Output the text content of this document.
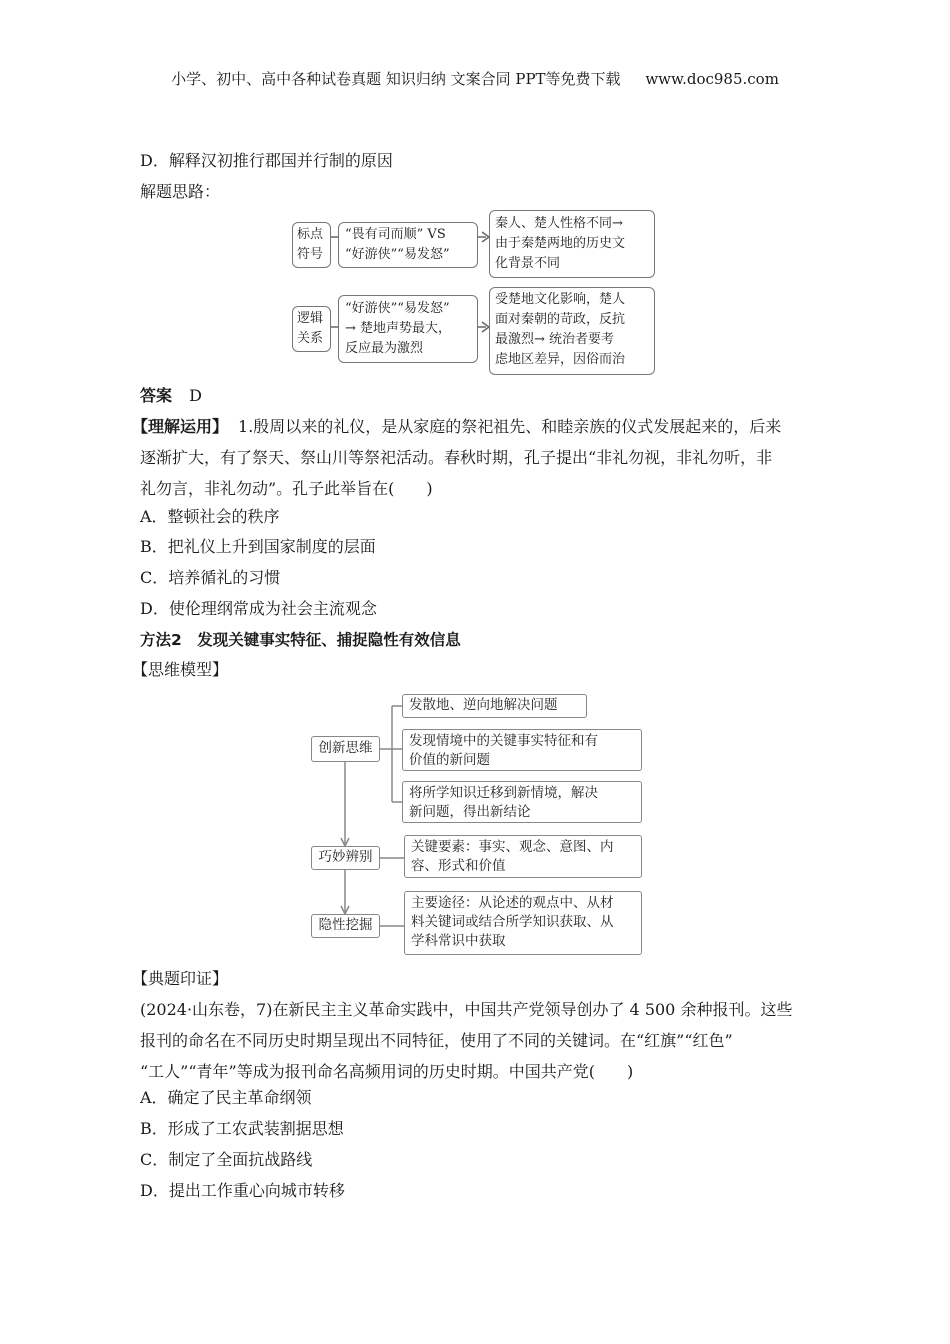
小学、初中、高中各种试卷真题 知识归纳 文案合同 PPT等免费下载 www.doc985.com
D．解释汉初推行郡国并行制的原因
解题思路：
标点
符号
“畏有司而顺” VS
“好游侠”“易发怒”
秦人、楚人性格不同→
由于秦楚两地的历史文
化背景不同
逻辑
关系
“好游侠”“易发怒”
→ 楚地声势最大，
反应最为激烈
受楚地文化影响，楚人
面对秦朝的苛政，反抗
最激烈→ 统治者要考
虑地区差异，因俗而治
答案 D
【理解运用】 1.殷周以来的礼仪，是从家庭的祭祀祖先、和睦亲族的仪式发展起来的，后来
逐渐扩大，有了祭天、祭山川等祭祀活动。春秋时期，孔子提出“非礼勿视，非礼勿听，非
礼勿言，非礼勿动”。孔子此举旨在(　　)
A．整顿社会的秩序
B．把礼仪上升到国家制度的层面
C．培养循礼的习惯
D．使伦理纲常成为社会主流观念
方法2　发现关键事实特征、捕捉隐性有效信息
【思维模型】
创新思维
巧妙辨别
隐性挖掘
发散地、逆向地解决问题
发现情境中的关键事实特征和有
价值的新问题
将所学知识迁移到新情境，解决
新问题，得出新结论
关键要素：事实、观念、意图、内
容、形式和价值
主要途径：从论述的观点中、从材
料关键词或结合所学知识获取、从
学科常识中获取
【典题印证】
(2024·山东卷，7)在新民主主义革命实践中，中国共产党领导创办了 4 500 余种报刊。这些
报刊的命名在不同历史时期呈现出不同特征，使用了不同的关键词。在“红旗”“红色”
“工人”“青年”等成为报刊命名高频用词的历史时期。中国共产党(　　)
A．确定了民主革命纲领
B．形成了工农武装割据思想
C．制定了全面抗战路线
D．提出工作重心向城市转移
